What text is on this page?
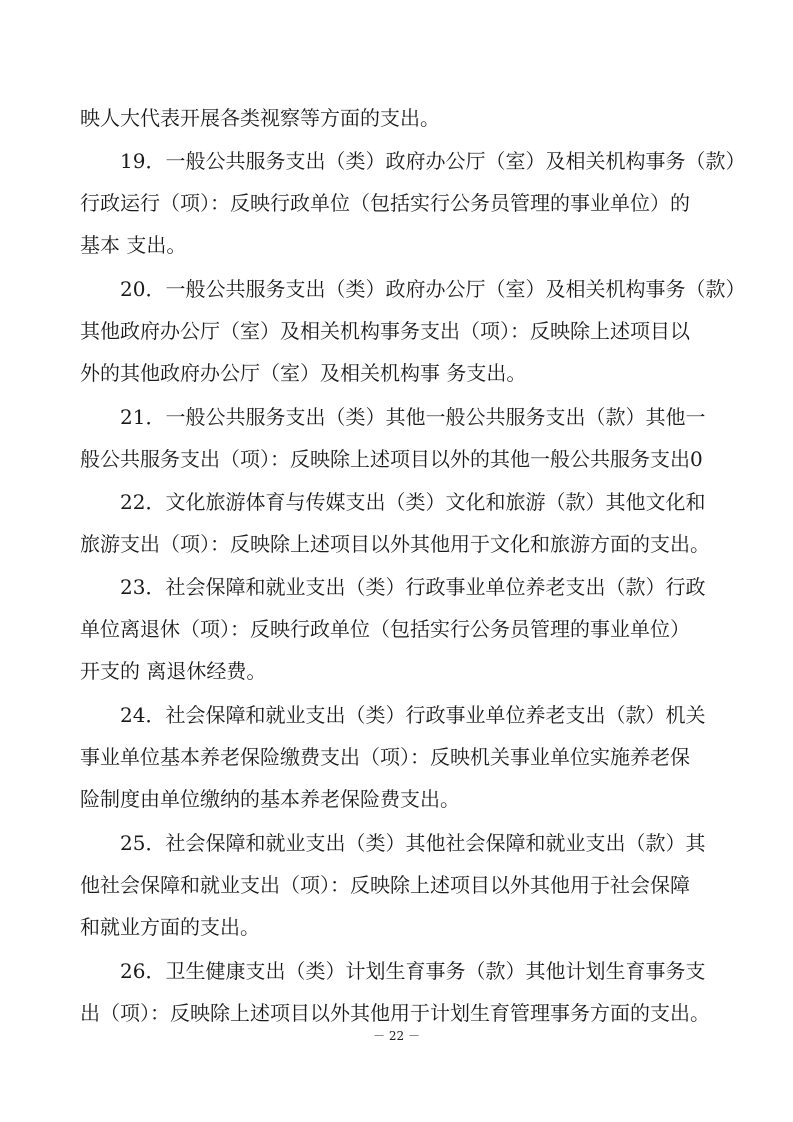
映人大代表开展各类视察等方面的支出。
19．一般公共服务支出（类）政府办公厅（室）及相关机构事务（款）
行政运行（项）：反映行政单位（包括实行公务员管理的事业单位）的
基本 支出。
20．一般公共服务支出（类）政府办公厅（室）及相关机构事务（款）
其他政府办公厅（室）及相关机构事务支出（项）：反映除上述项目以
外的其他政府办公厅（室）及相关机构事 务支出。
21．一般公共服务支出（类）其他一般公共服务支出（款）其他一
般公共服务支出（项）：反映除上述项目以外的其他一般公共服务支出0
22．文化旅游体育与传媒支出（类）文化和旅游（款）其他文化和
旅游支出（项）：反映除上述项目以外其他用于文化和旅游方面的支出。
23．社会保障和就业支出（类）行政事业单位养老支出（款）行政
单位离退休（项）：反映行政单位（包括实行公务员管理的事业单位）
开支的 离退休经费。
24．社会保障和就业支出（类）行政事业单位养老支出（款）机关
事业单位基本养老保险缴费支出（项）：反映机关事业单位实施养老保
险制度由单位缴纳的基本养老保险费支出。
25．社会保障和就业支出（类）其他社会保障和就业支出（款）其
他社会保障和就业支出（项）：反映除上述项目以外其他用于社会保障
和就业方面的支出。
26．卫生健康支出（类）计划生育事务（款）其他计划生育事务支
出（项）：反映除上述项目以外其他用于计划生育管理事务方面的支出。
－ 22 －
